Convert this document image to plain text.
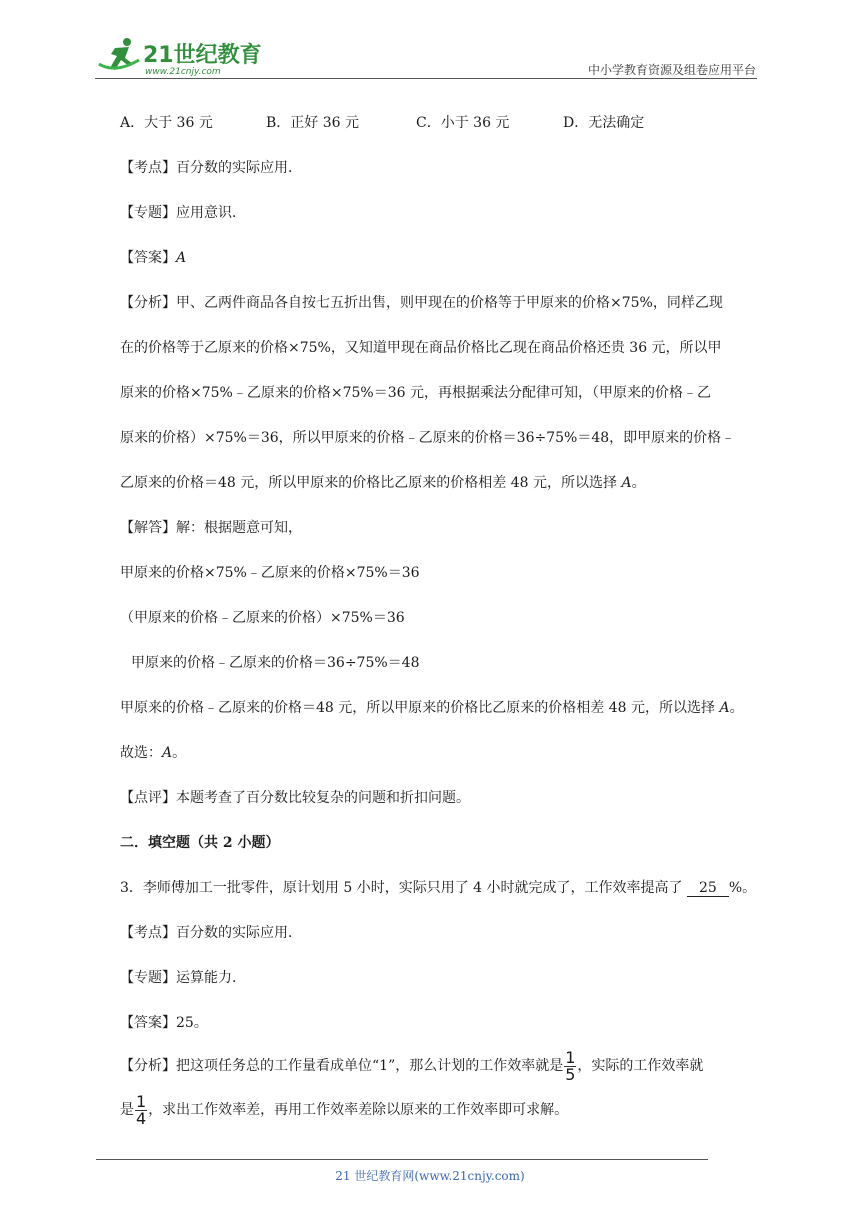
21世纪教育
www.21cnjy.com	中小学教育资源及组卷应用平台
A．大于 36 元	B．正好 36 元	C．小于 36 元	D．无法确定
【考点】百分数的实际应用．
【专题】应用意识．
【答案】A
【分析】甲、乙两件商品各自按七五折出售，则甲现在的价格等于甲原来的价格×75%，同样乙现
在的价格等于乙原来的价格×75%，又知道甲现在商品价格比乙现在商品价格还贵 36 元，所以甲
原来的价格×75%﹣乙原来的价格×75%＝36 元，再根据乘法分配律可知，（甲原来的价格﹣乙
原来的价格）×75%＝36，所以甲原来的价格﹣乙原来的价格＝36÷75%＝48，即甲原来的价格﹣
乙原来的价格＝48 元，所以甲原来的价格比乙原来的价格相差 48 元，所以选择 A。
【解答】解：根据题意可知，
甲原来的价格×75%﹣乙原来的价格×75%＝36
（甲原来的价格﹣乙原来的价格）×75%＝36
甲原来的价格﹣乙原来的价格＝36÷75%＝48
甲原来的价格﹣乙原来的价格＝48 元，所以甲原来的价格比乙原来的价格相差 48 元，所以选择 A。
故选：A。
【点评】本题考查了百分数比较复杂的问题和折扣问题。
二．填空题（共 2 小题）
3．李师傅加工一批零件，原计划用 5 小时，实际只用了 4 小时就完成了，工作效率提高了 25 %。
【考点】百分数的实际应用．
【专题】运算能力．
【答案】25。
【分析】把这项任务总的工作量看成单位“1”，那么计划的工作效率就是 $\frac{1}{5}$ ，实际的工作效率就
是 $\frac{1}{4}$ ，求出工作效率差，再用工作效率差除以原来的工作效率即可求解。
21 世纪教育网(www.21cnjy.com)
